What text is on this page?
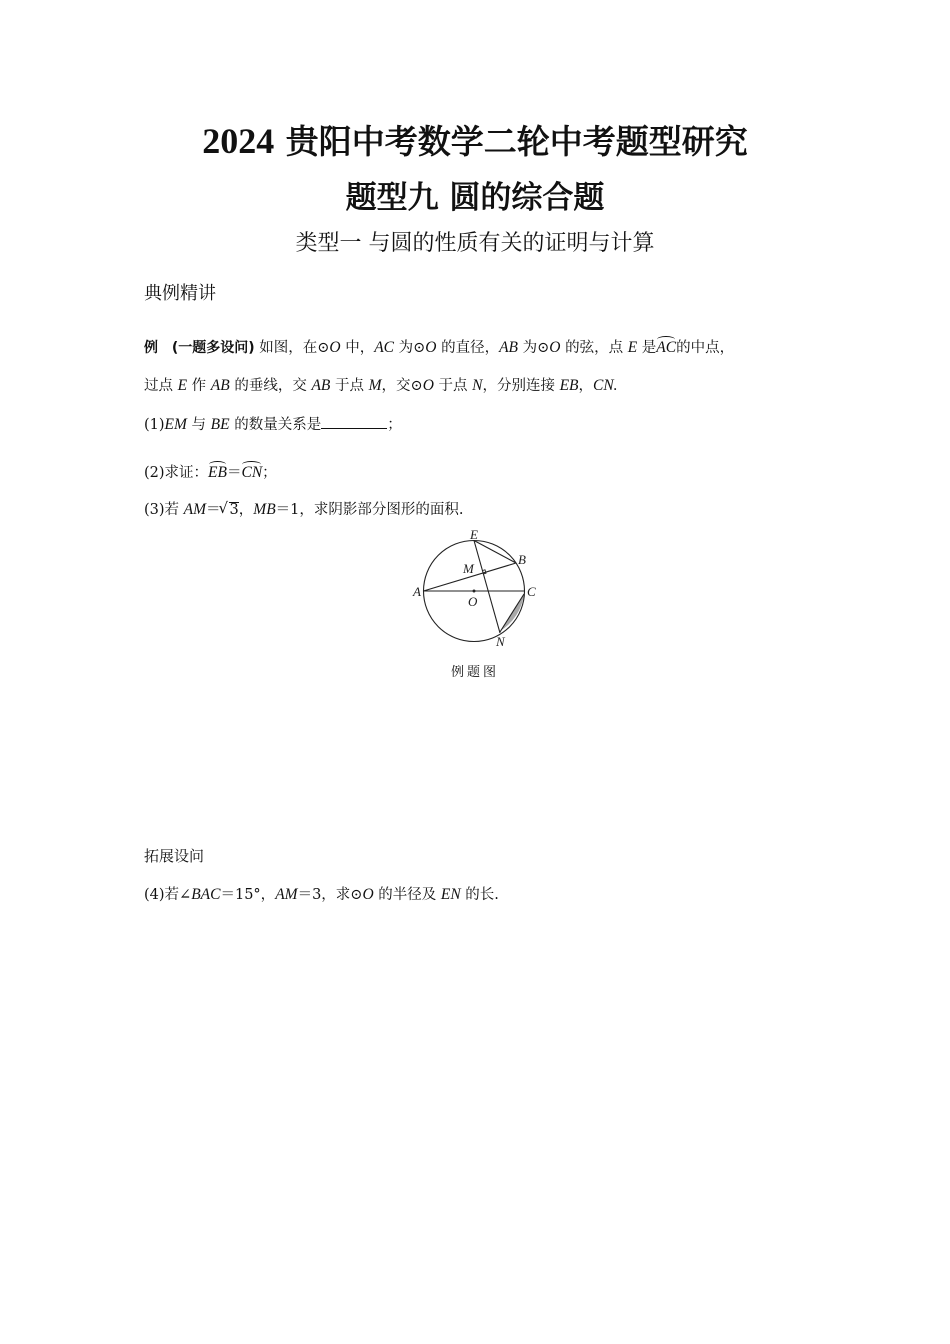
2024 贵阳中考数学二轮中考题型研究
题型九 圆的综合题
类型一 与圆的性质有关的证明与计算
典例精讲
例 (一题多设问) 如图，在⊙O 中，AC 为⊙O 的直径，AB 为⊙O 的弦，点 E 是AC的中点，
过点 E 作 AB 的垂线，交 AB 于点 M，交⊙O 于点 N，分别连接 EB，CN.
(1)EM 与 BE 的数量关系是	；
(2)求证：EB＝CN；
(3)若 AM＝ √ 3，MB＝1，求阴影部分图形的面积.
E
B
M
A
O
C
N
例题图
拓展设问
(4)若∠BAC＝15°，AM＝3，求⊙O 的半径及 EN 的长.
